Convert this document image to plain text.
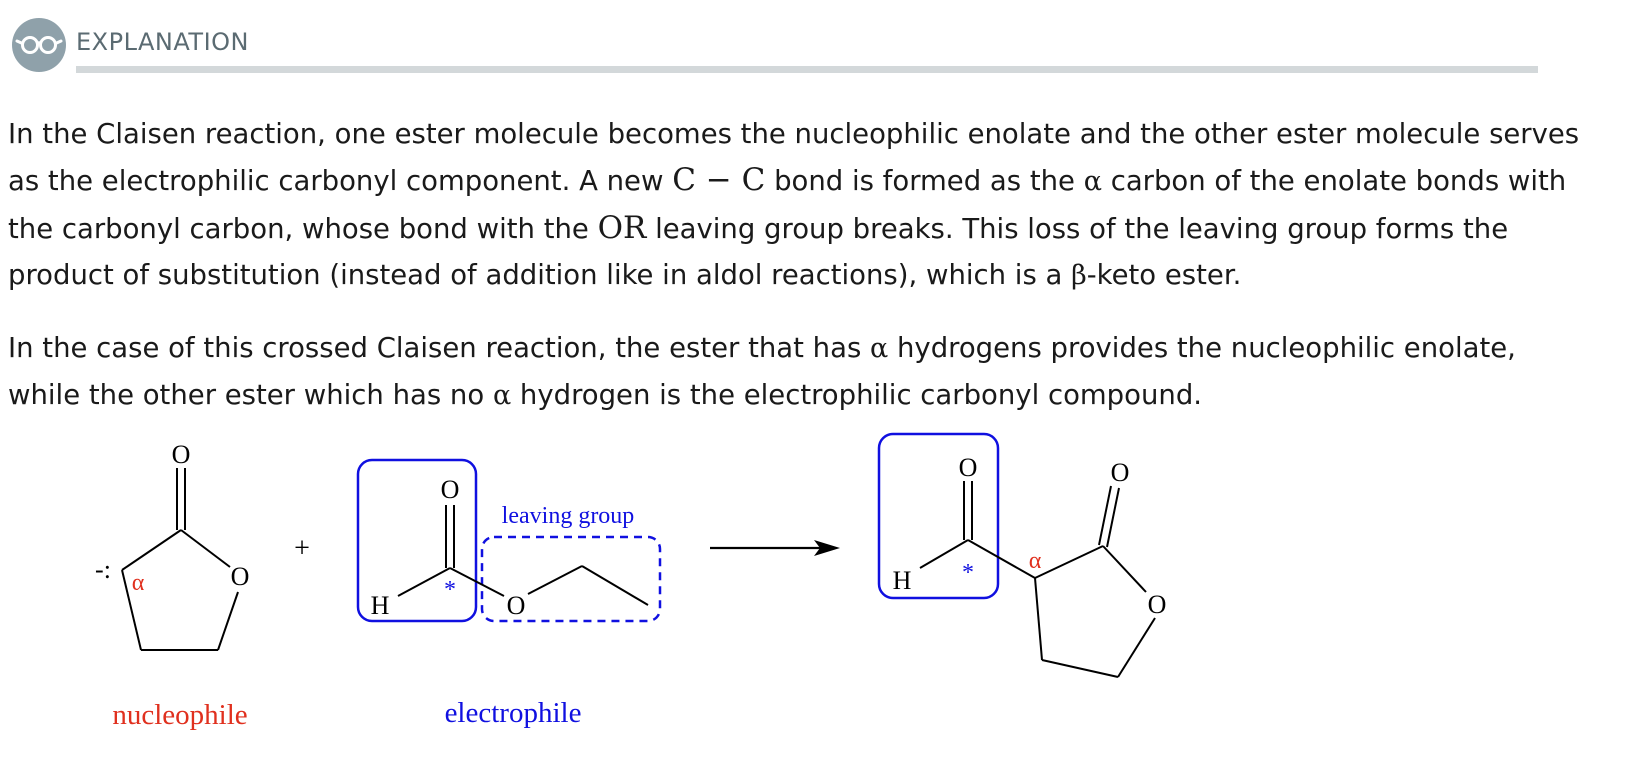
EXPLANATION
In the Claisen reaction, one ester molecule becomes the nucleophilic enolate and the other ester molecule serves
as the electrophilic carbonyl component. A new C − C bond is formed as the α carbon of the enolate bonds with
the carbonyl carbon, whose bond with the OR leaving group breaks. This loss of the leaving group forms the
product of substitution (instead of addition like in aldol reactions), which is a β-keto ester.
In the case of this crossed Claisen reaction, the ester that has α hydrogens provides the nucleophilic enolate,
while the other ester which has no α hydrogen is the electrophilic carbonyl compound.
O
O
-: α
nucleophile
+
O
H	O
*
leaving group
electrophile
O
H * α
O
O
